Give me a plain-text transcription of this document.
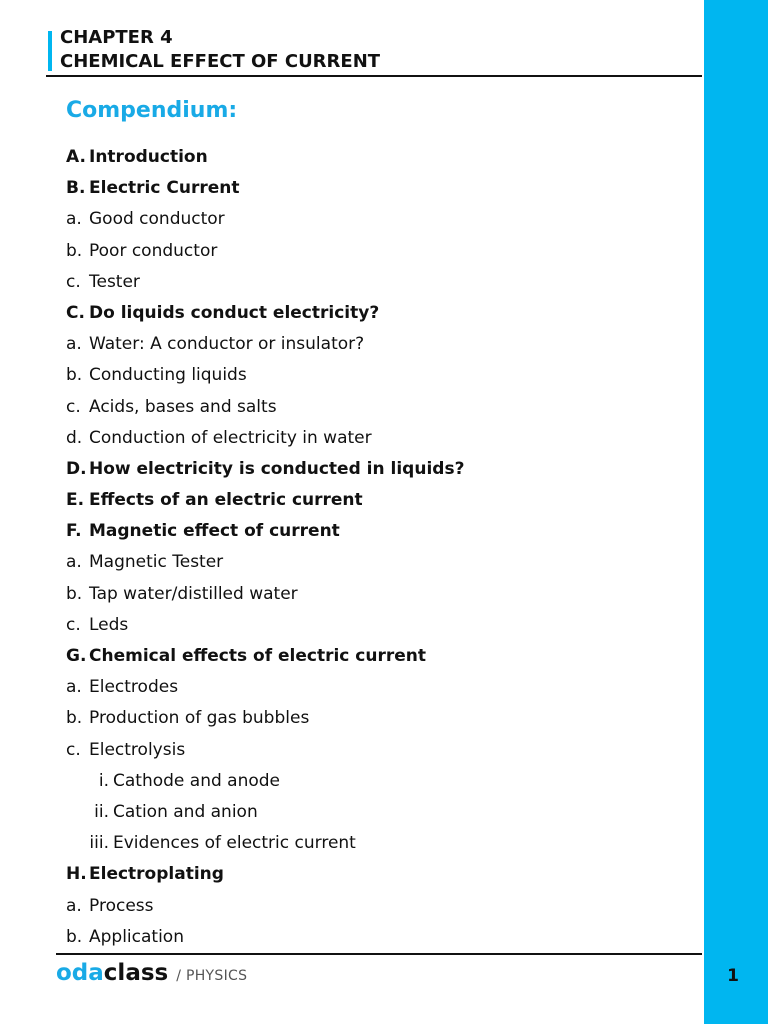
1
CHAPTER 4
CHEMICAL EFFECT OF CURRENT
Compendium:
A. Introduction
B. Electric Current
a. Good conductor
b. Poor conductor
c. Tester
C. Do liquids conduct electricity?
a. Water: A conductor or insulator?
b. Conducting liquids
c. Acids, bases and salts
d. Conduction of electricity in water
D. How electricity is conducted in liquids?
E. Effects of an electric current
F. Magnetic effect of current
a. Magnetic Tester
b. Tap water/distilled water
c. Leds
G. Chemical effects of electric current
a. Electrodes
b. Production of gas bubbles
c. Electrolysis
i. Cathode and anode
ii. Cation and anion
iii. Evidences of electric current
H. Electroplating
a. Process
b. Application
oda class / PHYSICS
